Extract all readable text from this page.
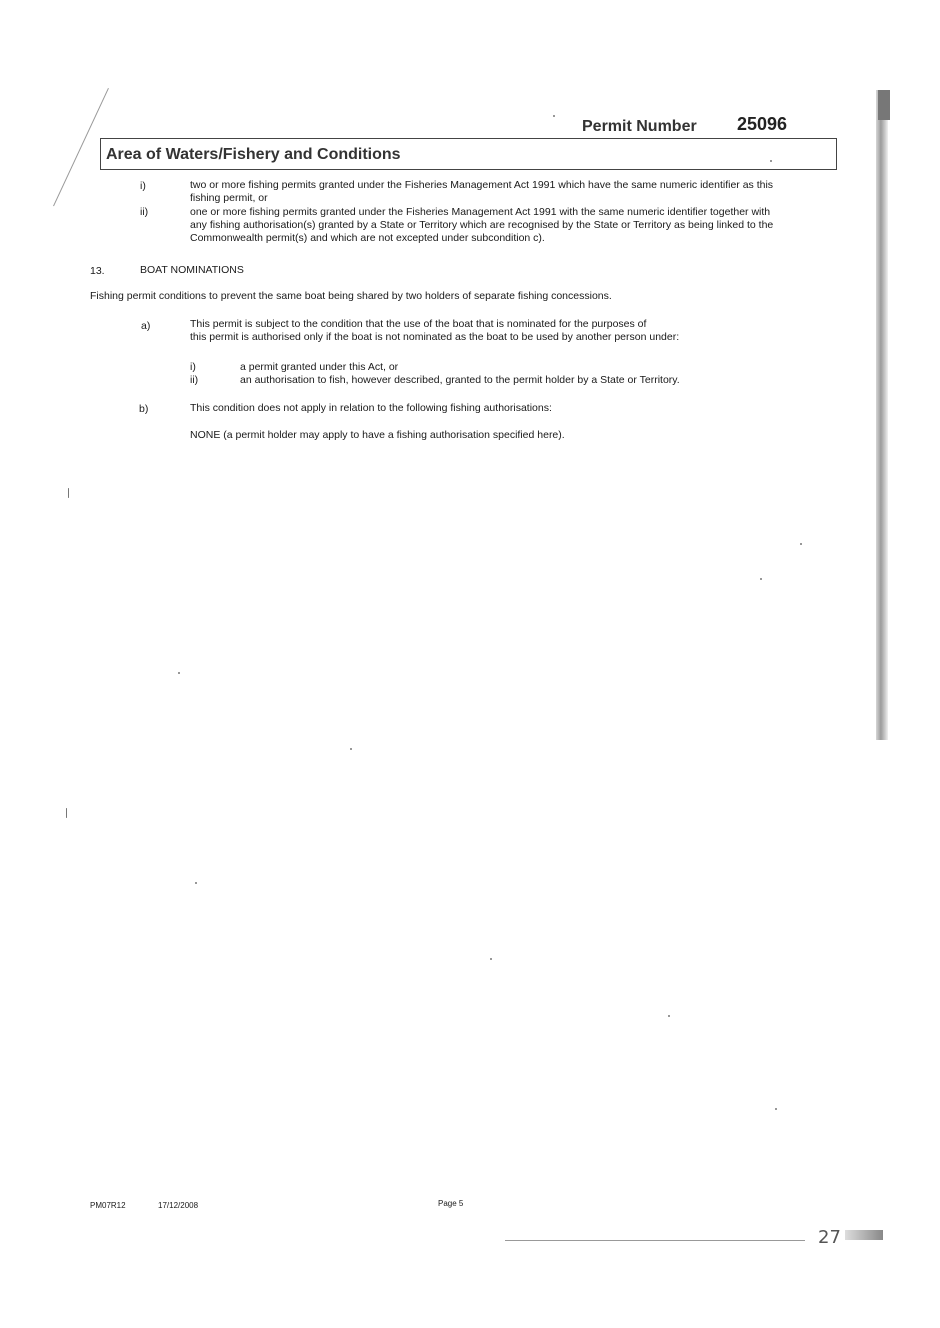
Permit Number 25096
Area of Waters/Fishery and Conditions
i)	two or more fishing permits granted under the Fisheries Management Act 1991 which have the same numeric identifier as this
fishing permit, or
ii)	one or more fishing permits granted under the Fisheries Management Act 1991 with the same numeric identifier together with
any fishing authorisation(s) granted by a State or Territory which are recognised by the State or Territory as being linked to the
Commonwealth permit(s) and which are not excepted under subcondition c).
13.	BOAT NOMINATIONS
Fishing permit conditions to prevent the same boat being shared by two holders of separate fishing concessions.
a)	This permit is subject to the condition that the use of the boat that is nominated for the purposes of
this permit is authorised only if the boat is not nominated as the boat to be used by another person under:
i)	a permit granted under this Act, or
ii)	an authorisation to fish, however described, granted to the permit holder by a State or Territory.
b)	This condition does not apply in relation to the following fishing authorisations:
NONE (a permit holder may apply to have a fishing authorisation specified here).
PM07R12	17/12/2008	Page 5
27
